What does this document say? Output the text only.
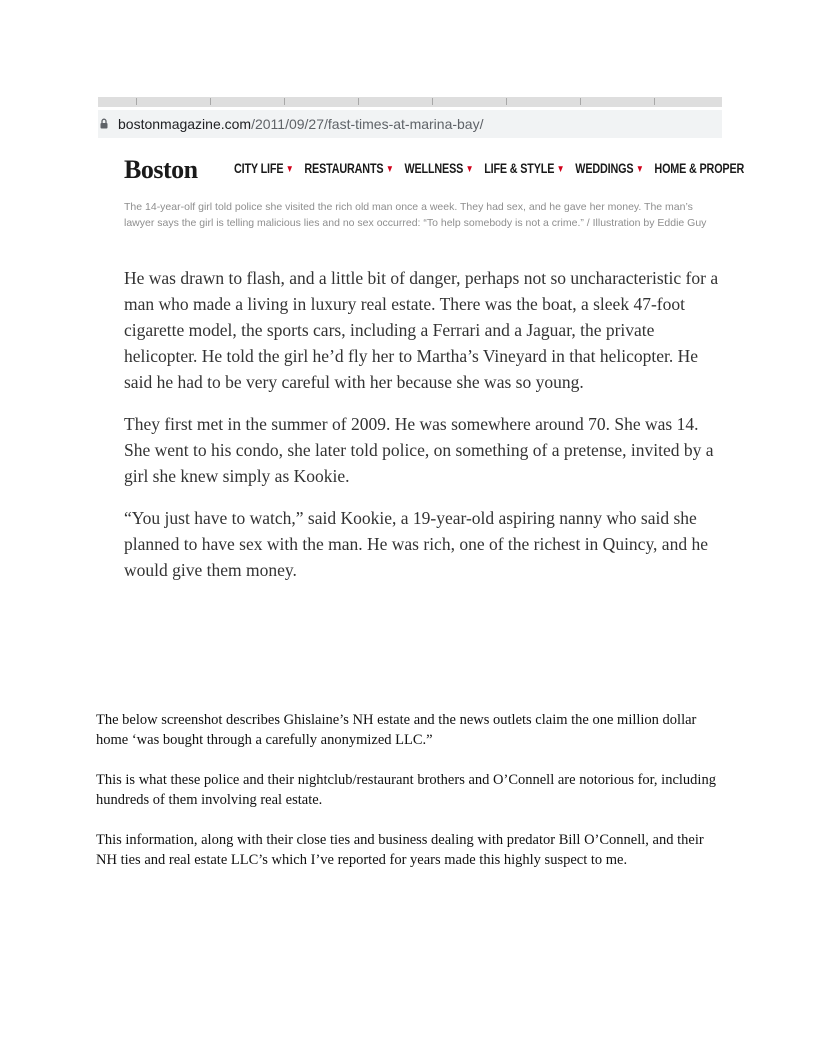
bostonmagazine.com/2011/09/27/fast-times-at-marina-bay/
Boston	CITY LIFE ▼ RESTAURANTS ▼ WELLNESS ▼ LIFE & STYLE ▼ WEDDINGS ▼ HOME & PROPER
The 14-year-olf girl told police she visited the rich old man once a week. They had sex, and he gave her money. The man’s lawyer says the girl is telling malicious lies and no sex occurred: “To help somebody is not a crime.” / Illustration by Eddie Guy

He was drawn to flash, and a little bit of danger, perhaps not so uncharacteristic for a man who made a living in luxury real estate. There was the boat, a sleek 47-foot cigarette model, the sports cars, including a Ferrari and a Jaguar, the private helicopter. He told the girl he’d fly her to Martha’s Vineyard in that helicopter. He said he had to be very careful with her because she was so young.

They first met in the summer of 2009. He was somewhere around 70. She was 14. She went to his condo, she later told police, on something of a pretense, invited by a girl she knew simply as Kookie.

“You just have to watch,” said Kookie, a 19-year-old aspiring nanny who said she planned to have sex with the man. He was rich, one of the richest in Quincy, and he would give them money.

The below screenshot describes Ghislaine’s NH estate and the news outlets claim the one million dollar home ‘was bought through a carefully anonymized LLC.”

This is what these police and their nightclub/restaurant brothers and O’Connell are notorious for, including hundreds of them involving real estate.

This information, along with their close ties and business dealing with predator Bill O’Connell, and their NH ties and real estate LLC’s which I’ve reported for years made this highly suspect to me.
